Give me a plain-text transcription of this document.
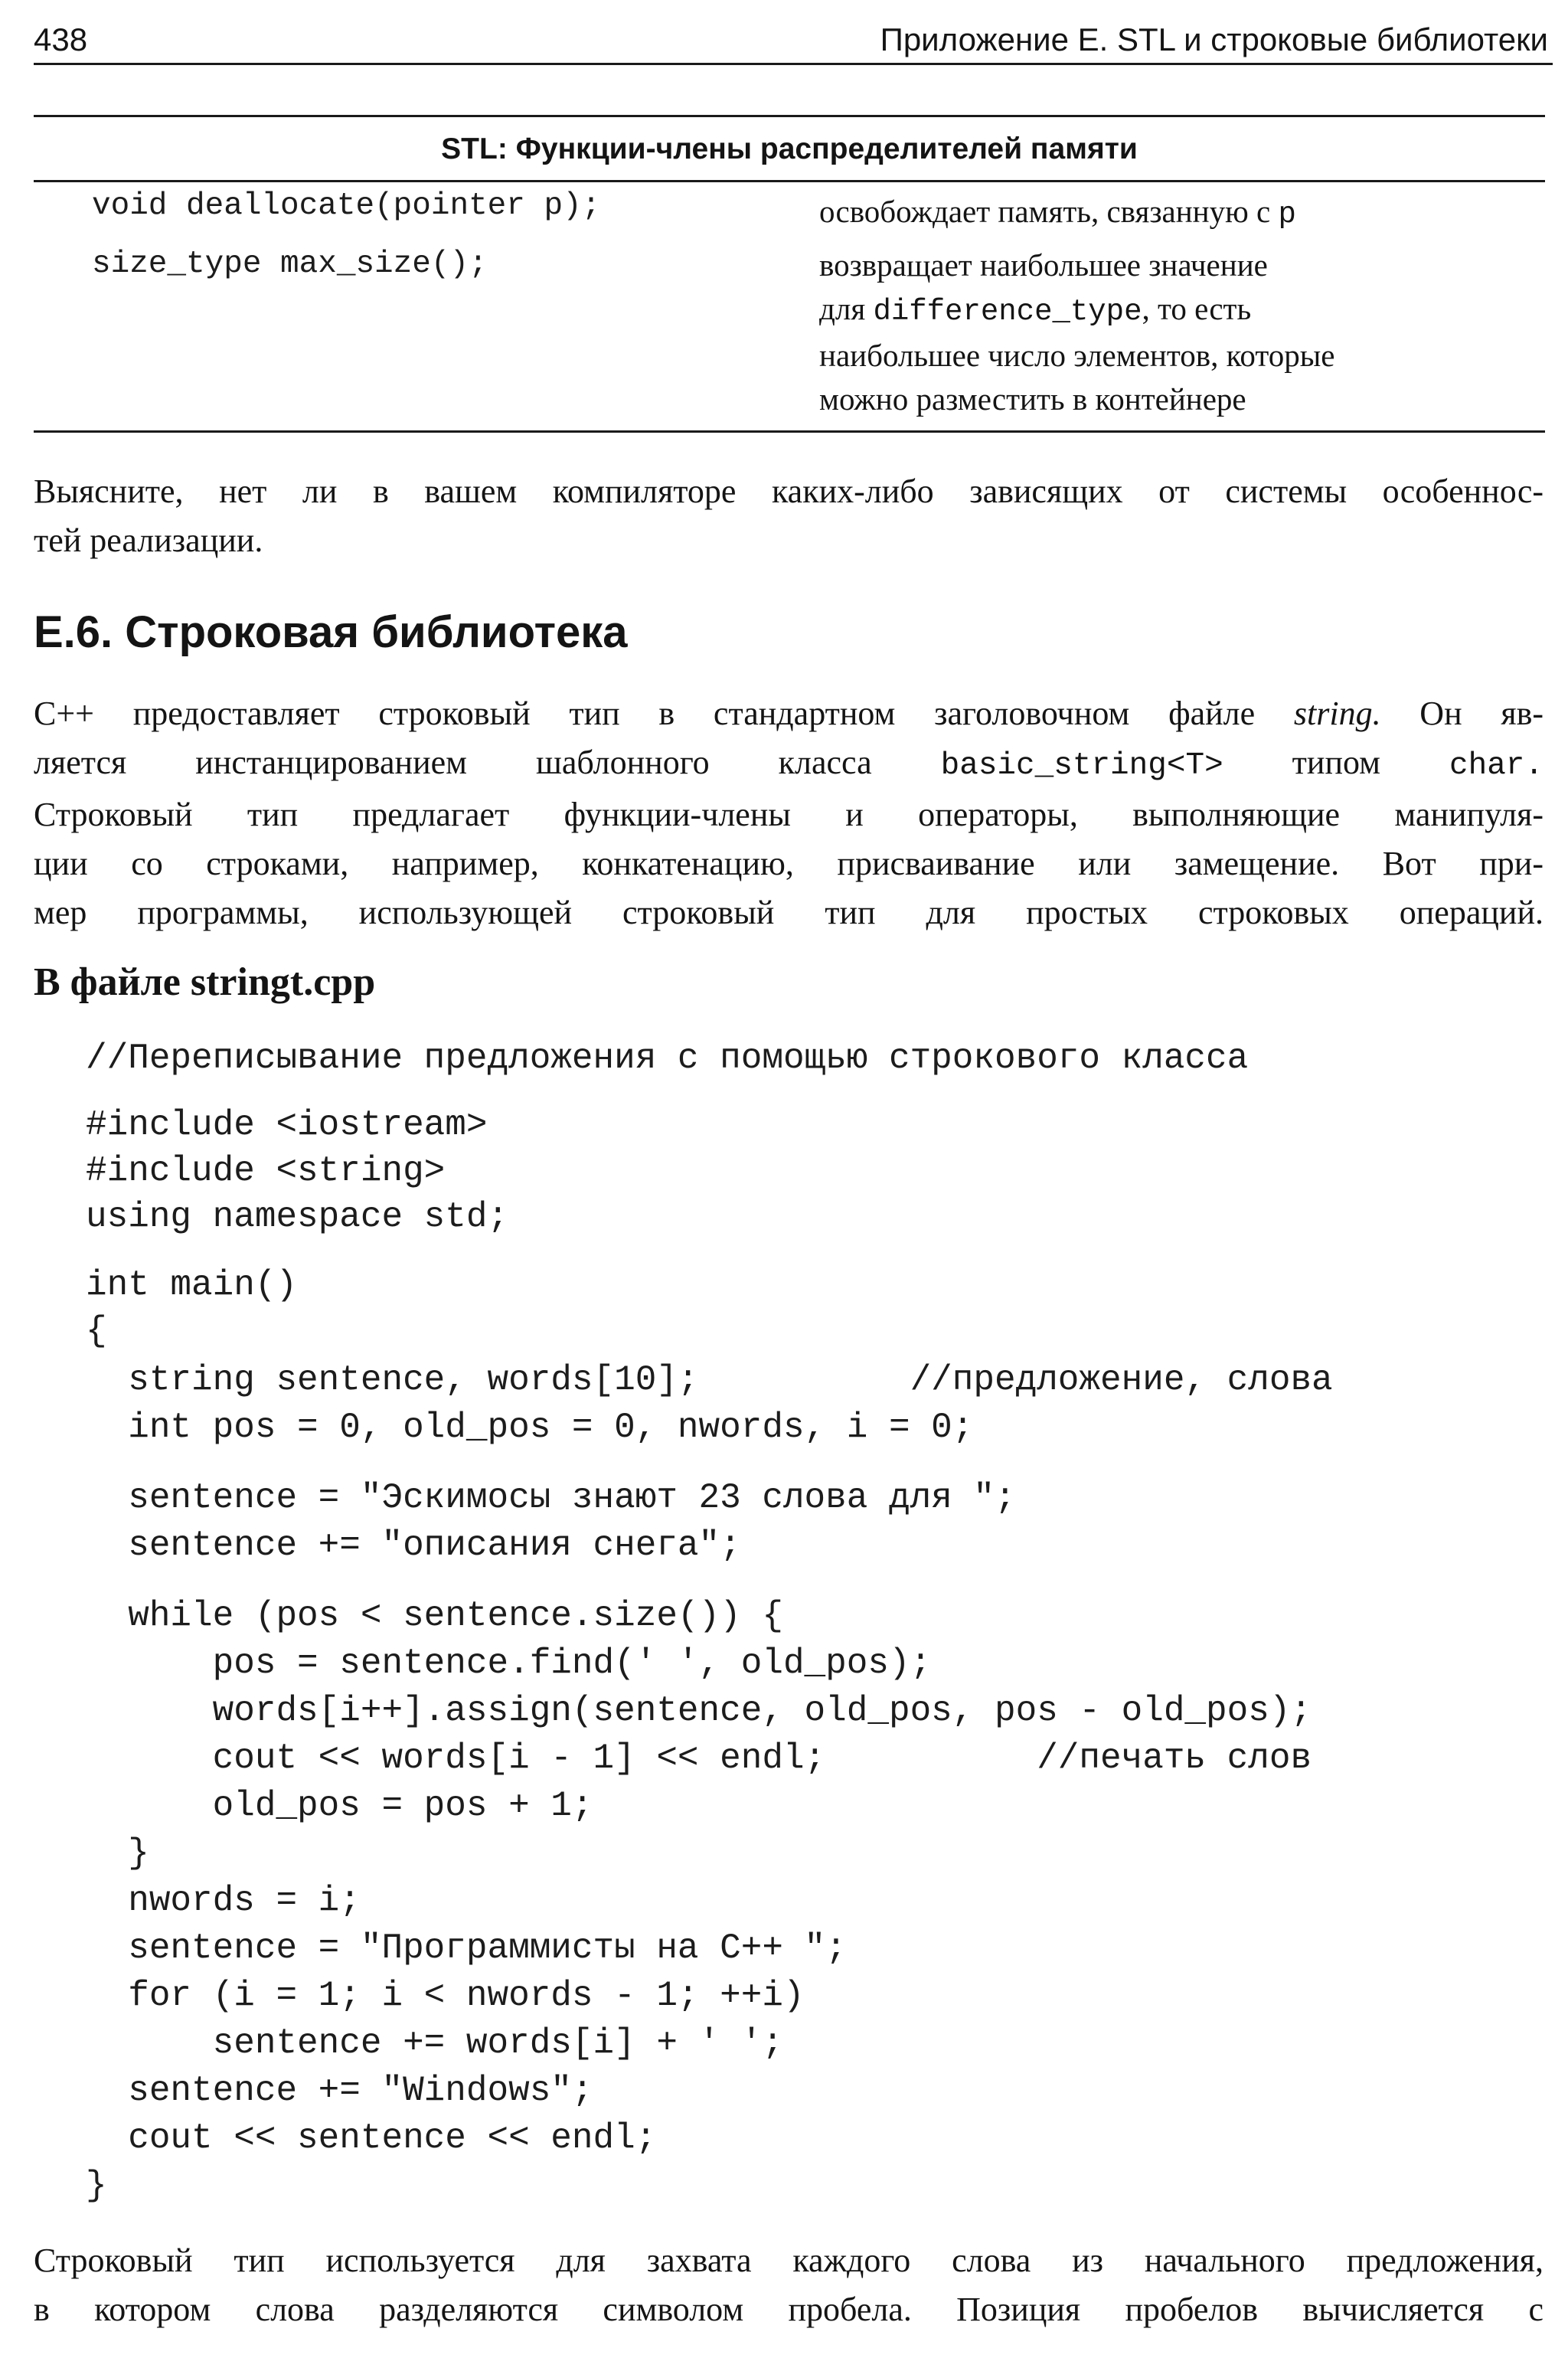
438	Приложение Е. STL и строковые библиотеки
STL: Функции-члены распределителей памяти
void deallocate(pointer p);	освобождает память, связанную с p
size_type max_size();	возвращает наибольшее значение
для difference_type, то есть
наибольшее число элементов, которые
можно разместить в контейнере
Выясните, нет ли в вашем компиляторе каких-либо зависящих от системы особеннос-
тей реализации.
Е.6. Строковая библиотека
C++ предоставляет строковый тип в стандартном заголовочном файле string. Он яв-
ляется инстанцированием шаблонного класса basic_string<T> типом char.
Строковый тип предлагает функции-члены и операторы, выполняющие манипуля-
ции со строками, например, конкатенацию, присваивание или замещение. Вот при-
мер программы, использующей строковый тип для простых строковых операций.
В файле stringt.cpp

//Переписывание предложения с помощью строкового класса

#include <iostream>

#include <string>

using namespace std;

int main()

{

string sentence, words[10];          //предложение, слова

int pos = 0, old_pos = 0, nwords, i = 0;

sentence = "Эскимосы знают 23 слова для ";

sentence += "описания снега";

while (pos < sentence.size()) {

pos = sentence.find(' ', old_pos);

words[i++].assign(sentence, old_pos, pos - old_pos);

cout << words[i - 1] << endl;          //печать слов

old_pos = pos + 1;

}

nwords = i;

sentence = "Программисты на C++ ";

for (i = 1; i < nwords - 1; ++i)

sentence += words[i] + ' ';

sentence += "Windows";

cout << sentence << endl;

}

Строковый тип используется для захвата каждого слова из начального предложения,
в котором слова разделяются символом пробела. Позиция пробелов вычисляется с
